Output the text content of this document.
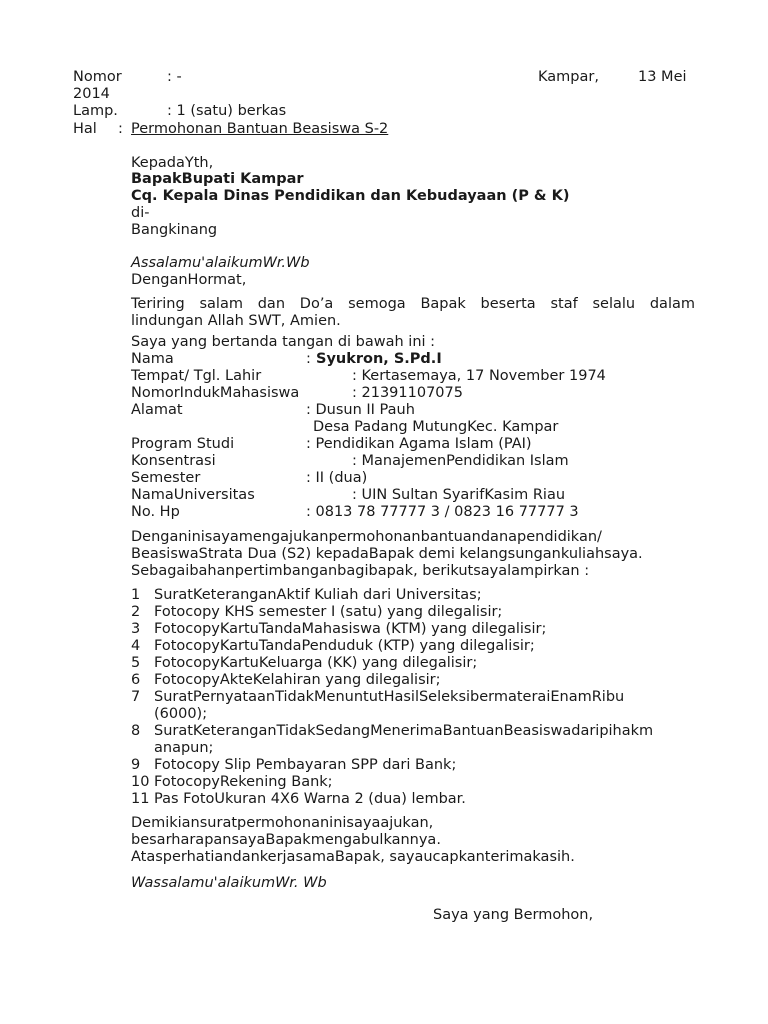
Nomor	: -	Kampar,	13 Mei
2014
Lamp.	: 1 (satu) berkas
Hal : Permohonan Bantuan Beasiswa S-2
KepadaYth,
BapakBupati Kampar
Cq. Kepala Dinas Pendidikan dan Kebudayaan (P & K)
di-
Bangkinang
Assalamu'alaikumWr.Wb
DenganHormat,
Teriring salam dan Do’a semoga Bapak beserta staf selalu dalam
lindungan Allah SWT, Amien.
Saya yang bertanda tangan di bawah ini :
Nama	: Syukron, S.Pd.I
Tempat/ Tgl. Lahir	: Kertasemaya, 17 November 1974
NomorIndukMahasiswa	: 21391107075
Alamat	: Dusun II Pauh
Desa Padang MutungKec. Kampar
Program Studi	: Pendidikan Agama Islam (PAI)
Konsentrasi	: ManajemenPendidikan Islam
Semester	: II (dua)
NamaUniversitas	: UIN Sultan SyarifKasim Riau
No. Hp	: 0813 78 77777 3 / 0823 16 77777 3
Denganinisayamengajukanpermohonanbantuandanapendidikan/
BeasiswaStrata Dua (S2) kepadaBapak demi kelangsungankuliahsaya.
Sebagaibahanpertimbanganbagibapak, berikutsayalampirkan :
1 SuratKeteranganAktif Kuliah dari Universitas;
2 Fotocopy KHS semester I (satu) yang dilegalisir;
3 FotocopyKartuTandaMahasiswa (KTM) yang dilegalisir;
4 FotocopyKartuTandaPenduduk (KTP) yang dilegalisir;
5 FotocopyKartuKeluarga (KK) yang dilegalisir;
6 FotocopyAkteKelahiran yang dilegalisir;
7 SuratPernyataanTidakMenuntutHasilSeleksibermateraiEnamRibu
(6000);
8 SuratKeteranganTidakSedangMenerimaBantuanBeasiswadaripihakm
anapun;
9 Fotocopy Slip Pembayaran SPP dari Bank;
10 FotocopyRekening Bank;
11 Pas FotoUkuran 4X6 Warna 2 (dua) lembar.
Demikiansuratpermohonaninisayaajukan,
besarharapansayaBapakmengabulkannya.
AtasperhatiandankerjasamaBapak, sayaucapkanterimakasih.
Wassalamu'alaikumWr. Wb
Saya yang Bermohon,
